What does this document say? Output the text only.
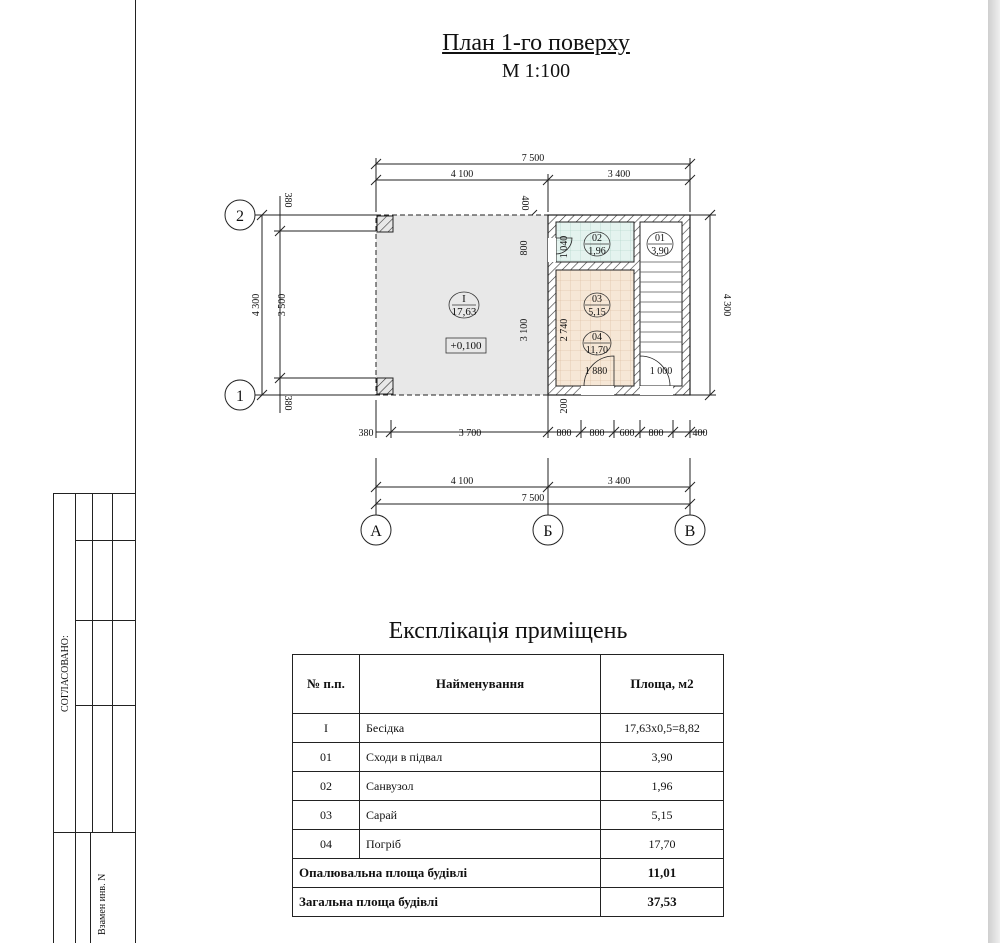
СОГЛАСОВАНО:
Взамен инв. N
План 1-го поверху
М 1:100
I
17,63
+0,100
02
1,96
01
3,90
03
5,15
04
11,70
7 500
4 100	3 400
4 300 3 500
380
380
4 300
400
800
3 100
200
1 040
2 740
1 880	1 000
380	3 700	800 800 600 800	400
4 100	3 400
7 500
2
1
А	Б	В
Експлікація приміщень
№ п.п.	Найменування	Площа, м2
I	Бесідка	17,63х0,5=8,82
01	Сходи в підвал	3,90
02	Санвузол	1,96
03	Сарай	5,15
04	Погріб	17,70
Опалювальна площа будівлі		11,01
Загальна площа будівлі		37,53
